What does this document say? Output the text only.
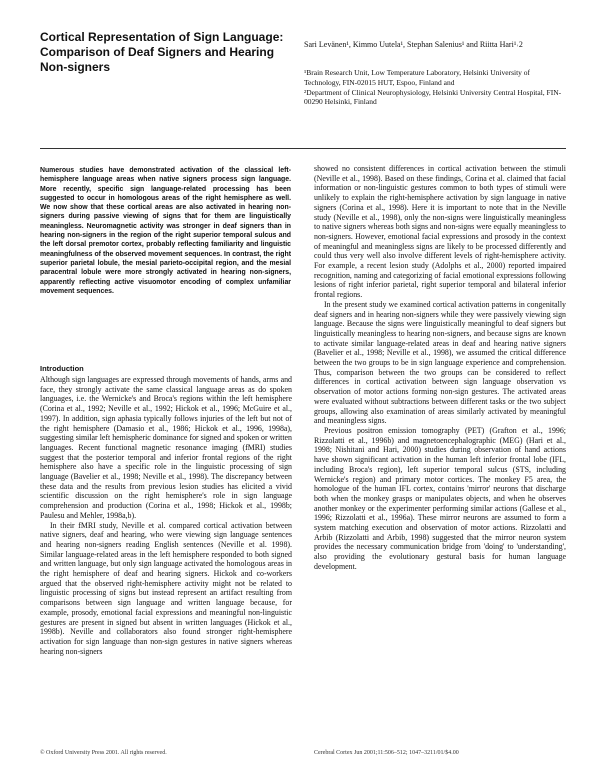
Cortical Representation of Sign Language: Comparison of Deaf Signers and Hearing Non-signers
Sari Levänen¹, Kimmo Uutela¹, Stephan Salenius¹ and Riitta Hari¹˒2

¹Brain Research Unit, Low Temperature Laboratory, Helsinki University of Technology, FIN-02015 HUT, Espoo, Finland and

²Department of Clinical Neurophysiology, Helsinki University Central Hospital, FIN-00290 Helsinki, Finland

Numerous studies have demonstrated activation of the classical left-hemisphere language areas when native signers process sign language. More recently, specific sign language-related processing has been suggested to occur in homologous areas of the right hemisphere as well. We now show that these cortical areas are also activated in hearing non-signers during passive viewing of signs that for them are linguistically meaningless. Neuromagnetic activity was stronger in deaf signers than in hearing non-signers in the region of the right superior temporal sulcus and the left dorsal premotor cortex, probably reflecting familiarity and linguistic meaningfulness of the observed movement sequences. In contrast, the right superior parietal lobule, the mesial parieto-occipital region, and the mesial paracentral lobule were more strongly activated in hearing non-signers, apparently reflecting active visuomotor encoding of complex unfamiliar movement sequences.

Introduction

Although sign languages are expressed through movements of hands, arms and face, they strongly activate the same classical language areas as do spoken languages, i.e. the Wernicke's and Broca's regions within the left hemisphere (Corina et al., 1992; Neville et al., 1992; Hickok et al., 1996; McGuire et al., 1997). In addition, sign aphasia typically follows injuries of the left but not of the right hemisphere (Damasio et al., 1986; Hickok et al., 1996, 1998a), suggesting similar left hemispheric dominance for signed and spoken or written languages. Recent functional magnetic resonance imaging (fMRI) studies suggest that the posterior temporal and inferior frontal regions of the right hemisphere also have a specific role in the linguistic processing of sign language (Bavelier et al., 1998; Neville et al., 1998). The discrepancy between these data and the results from previous lesion studies has elicited a vivid scientific discussion on the right hemisphere's role in sign language comprehension and production (Corina et al., 1998; Hickok et al., 1998b; Paulesu and Mehler, 1998a,b).

In their fMRI study, Neville et al. compared cortical activation between native signers, deaf and hearing, who were viewing sign language sentences and hearing non-signers reading English sentences (Neville et al. 1998). Similar language-related areas in the left hemisphere responded to both signed and written language, but only sign language activated the homologous areas in the right hemisphere of deaf and hearing signers. Hickok and co-workers argued that the observed right-hemisphere activity might not be related to linguistic processing of signs but instead represent an artifact resulting from comparisons between sign language and written language because, for example, prosody, emotional facial expressions and meaningful non-linguistic gestures are present in signed but absent in written languages (Hickok et al., 1998b). Neville and collaborators also found stronger right-hemisphere activation for sign language than non-sign gestures in native signers whereas hearing non-signers

showed no consistent differences in cortical activation between the stimuli (Neville et al., 1998). Based on these findings, Corina et al. claimed that facial information or non-linguistic gestures common to both types of stimuli were unlikely to explain the right-hemisphere activation by sign language in native signers (Corina et al., 1998). Here it is important to note that in the Neville study (Neville et al., 1998), only the non-signs were linguistically meaningless to native signers whereas both signs and non-signs were equally meaningless to non-signers. However, emotional facial expressions and prosody in the context of meaningful and meaningless signs are likely to be processed differently and could thus very well also involve different levels of right-hemisphere activity. For example, a recent lesion study (Adolphs et al., 2000) reported impaired recognition, naming and categorizing of facial emotional expressions following lesions of right inferior parietal, right superior temporal and bilateral inferior frontal regions.

In the present study we examined cortical activation patterns in congenitally deaf signers and in hearing non-signers while they were passively viewing sign language. Because the signs were linguistically meaningful to deaf signers but linguistically meaningless to hearing non-signers, and because signs are known to activate similar language-related areas in deaf and hearing native signers (Bavelier et al., 1998; Neville et al., 1998), we assumed the critical difference between the two groups to be in sign language experience and comprehension. Thus, comparison between the two groups can be considered to reflect differences in cortical activation between sign language observation vs observation of motor actions forming non-sign gestures. The activated areas were evaluated without subtractions between different tasks or the two subject groups, allowing also examination of areas similarly activated by meaningful and meaningless signs.

Previous positron emission tomography (PET) (Grafton et al., 1996; Rizzolatti et al., 1996b) and magnetoencephalographic (MEG) (Hari et al., 1998; Nishitani and Hari, 2000) studies during observation of hand actions have shown significant activation in the human left inferior frontal lobe (IFL, including Broca's region), left superior temporal sulcus (STS, including Wernicke's region) and primary motor cortices. The monkey F5 area, the homologue of the human IFL cortex, contains 'mirror' neurons that discharge both when the monkey grasps or manipulates objects, and when he observes another monkey or the experimenter performing similar actions (Gallese et al., 1996; Rizzolatti et al., 1996a). These mirror neurons are assumed to form a system matching execution and observation of motor actions. Rizzolatti and Arbib (Rizzolatti and Arbib, 1998) suggested that the mirror neuron system provides the necessary communication bridge from 'doing' to 'understanding', also providing the evolutionary gestural basis for human language development.

© Oxford University Press 2001. All rights reserved.	Cerebral Cortex Jun 2001;11:506–512; 1047–3211/01/$4.00
